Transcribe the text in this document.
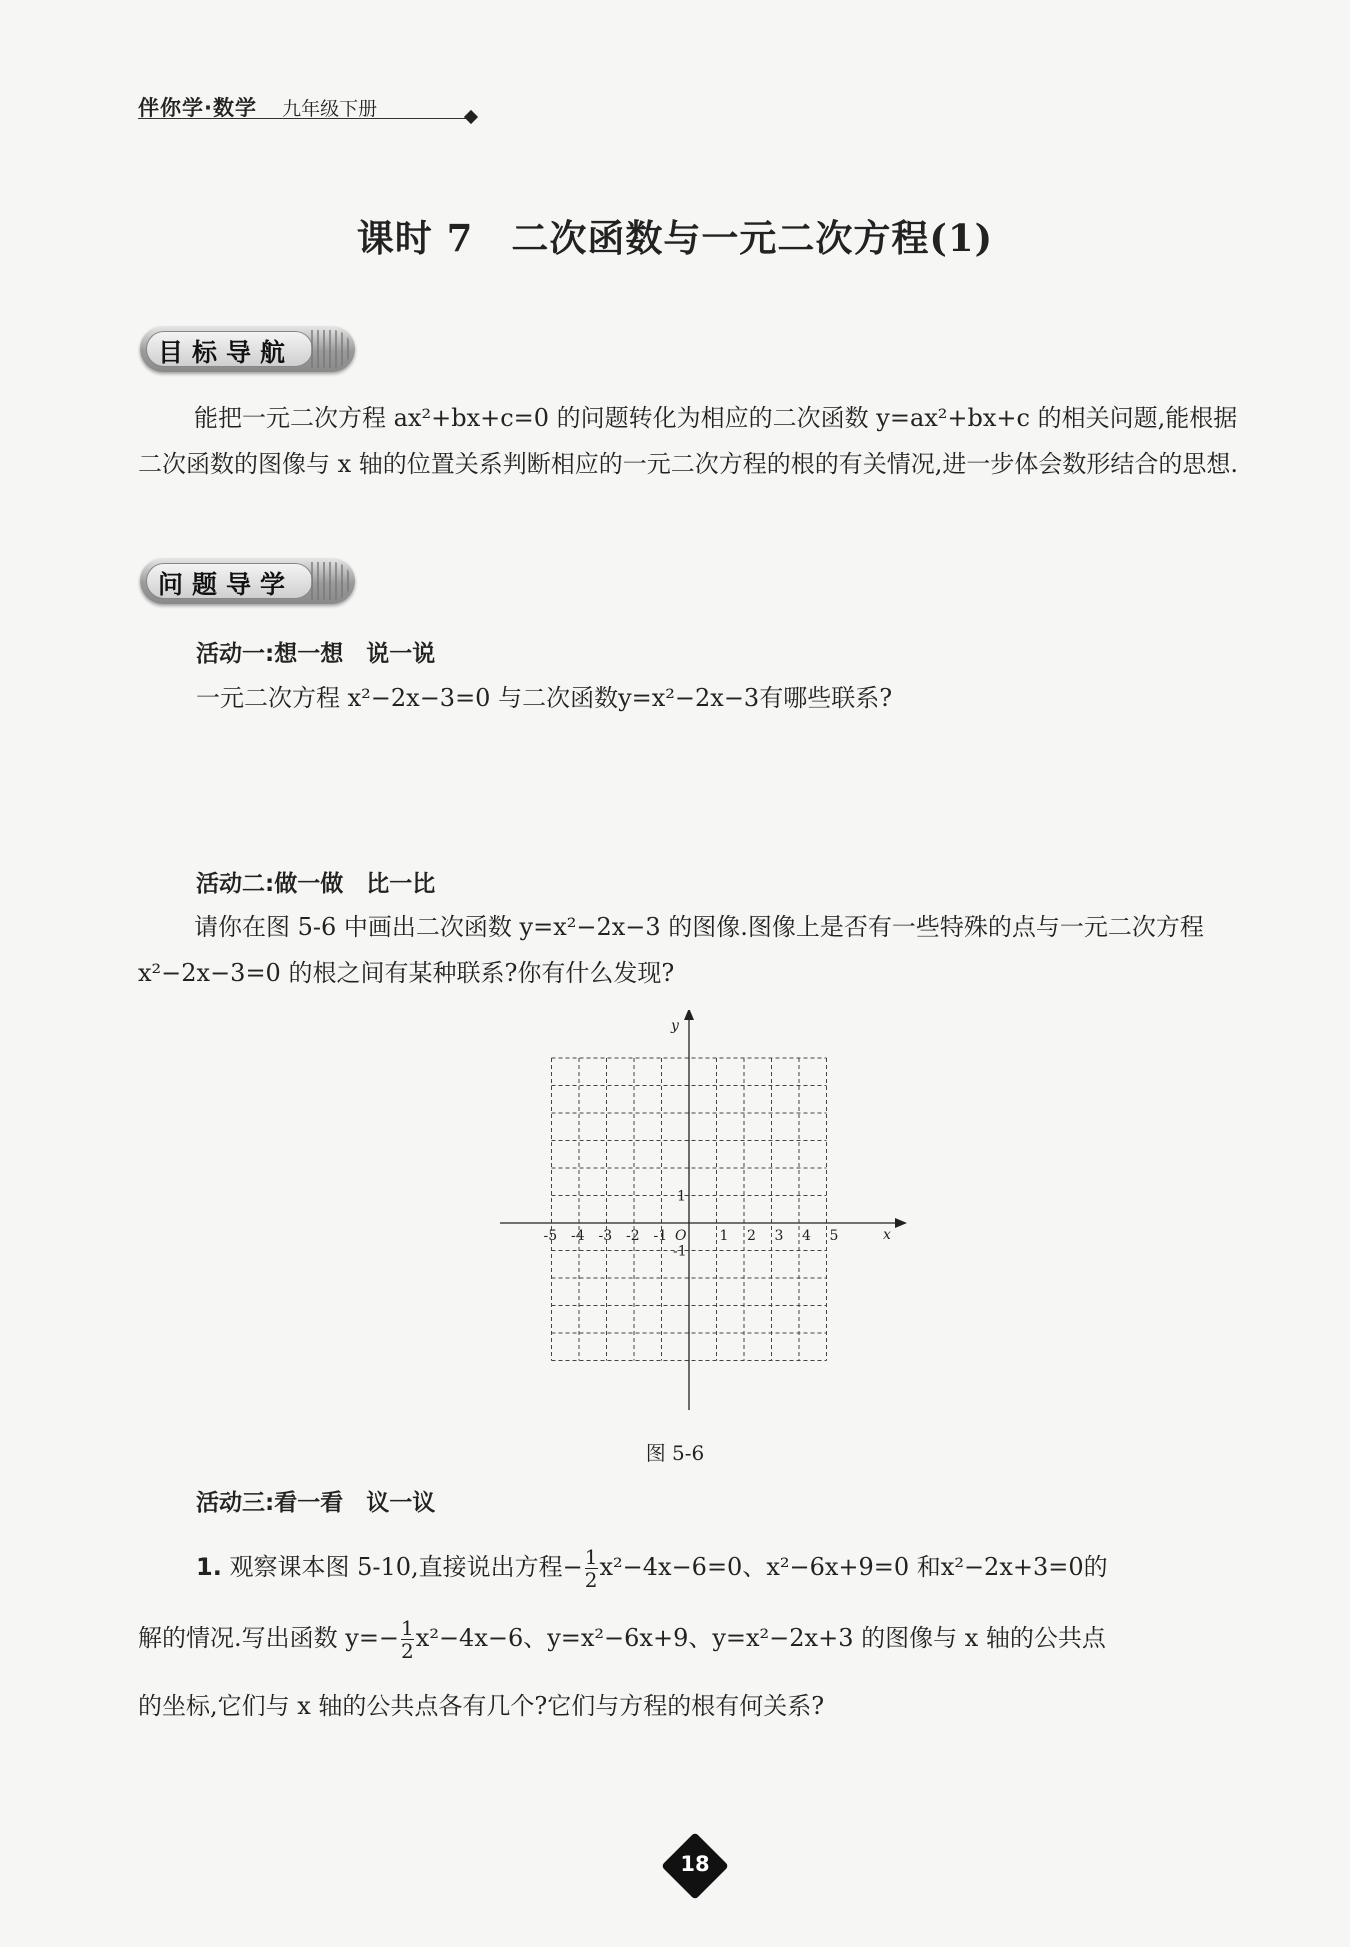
伴你学·数学 九年级下册
课时 7　二次函数与一元二次方程(1)
目标导航
能把一元二次方程 ax²+bx+c=0 的问题转化为相应的二次函数 y=ax²+bx+c 的相关问题,能根据二次函数的图像与 x 轴的位置关系判断相应的一元二次方程的根的有关情况,进一步体会数形结合的思想.
问题导学
活动一:想一想　说一说
一元二次方程 x²−2x−3=0 与二次函数y=x²−2x−3有哪些联系?
活动二:做一做　比一比
请你在图 5-6 中画出二次函数 y=x²−2x−3 的图像.图像上是否有一些特殊的点与一元二次方程 x²−2x−3=0 的根之间有某种联系?你有什么发现?
x
y
O
-5 -4 -3 -2 -1	1 2 3 4 5
1
-1
图 5-6
活动三:看一看　议一议
1. 观察课本图 5-10,直接说出方程− $\frac{1}{2} x^2-4x-6=0$、x²−6x+9=0 和x²−2x+3=0的
解的情况.写出函数 $y=- \frac{1}{2} x^2-4x-6$、y=x²−6x+9、y=x²−2x+3 的图像与 x 轴的公共点
的坐标,它们与 x 轴的公共点各有几个?它们与方程的根有何关系?
18
